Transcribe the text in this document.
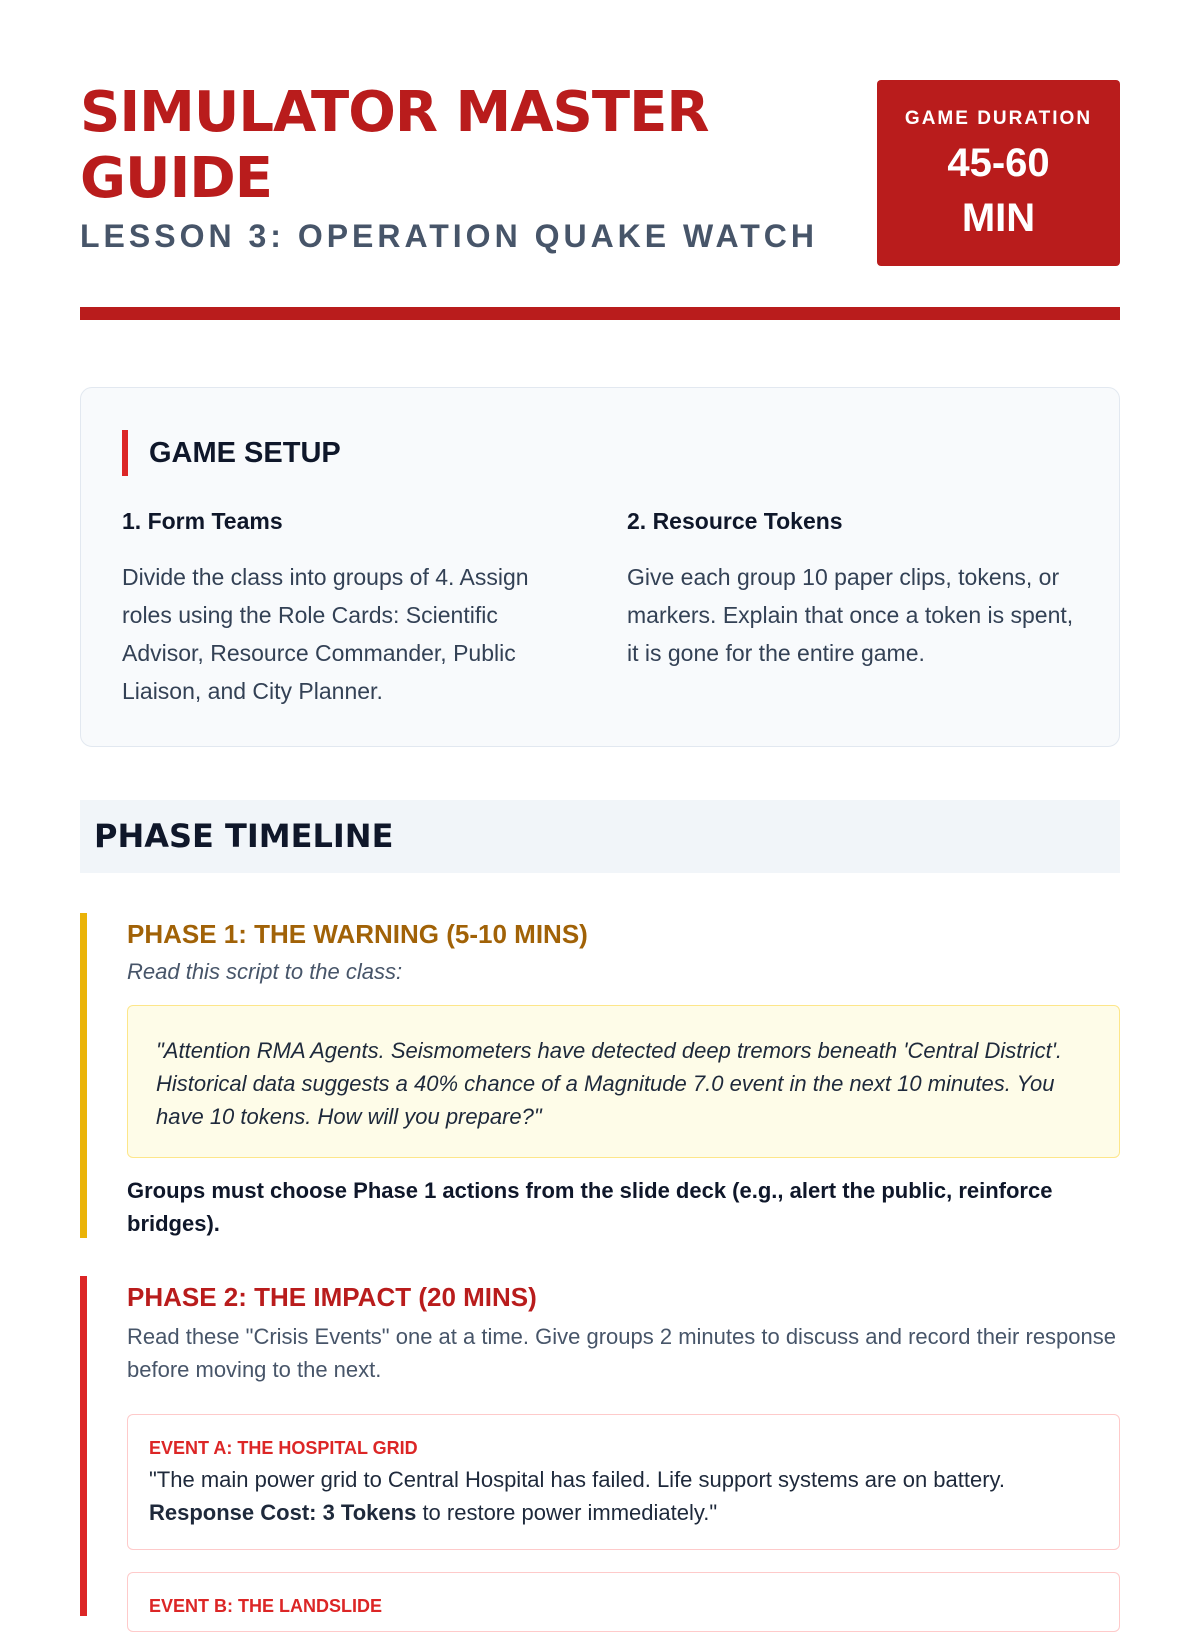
SIMULATOR MASTER GUIDE
LESSON 3: OPERATION QUAKE WATCH
GAME DURATION
45-60 MIN
GAME SETUP

1. Form Teams

Divide the class into groups of 4. Assign roles using the Role Cards: Scientific Advisor, Resource Commander, Public Liaison, and City Planner.

2. Resource Tokens

Give each group 10 paper clips, tokens, or markers. Explain that once a token is spent, it is gone for the entire game.

PHASE TIMELINE

PHASE 1: THE WARNING (5-10 MINS)

Read this script to the class:

"Attention RMA Agents. Seismometers have detected deep tremors beneath 'Central District'. Historical data suggests a 40% chance of a Magnitude 7.0 event in the next 10 minutes. You have 10 tokens. How will you prepare?"

Groups must choose Phase 1 actions from the slide deck (e.g., alert the public, reinforce bridges).

PHASE 2: THE IMPACT (20 MINS)

Read these "Crisis Events" one at a time. Give groups 2 minutes to discuss and record their response before moving to the next.

EVENT A: THE HOSPITAL GRID

"The main power grid to Central Hospital has failed. Life support systems are on battery.
Response Cost: 3 Tokens to restore power immediately."

EVENT B: THE LANDSLIDE
